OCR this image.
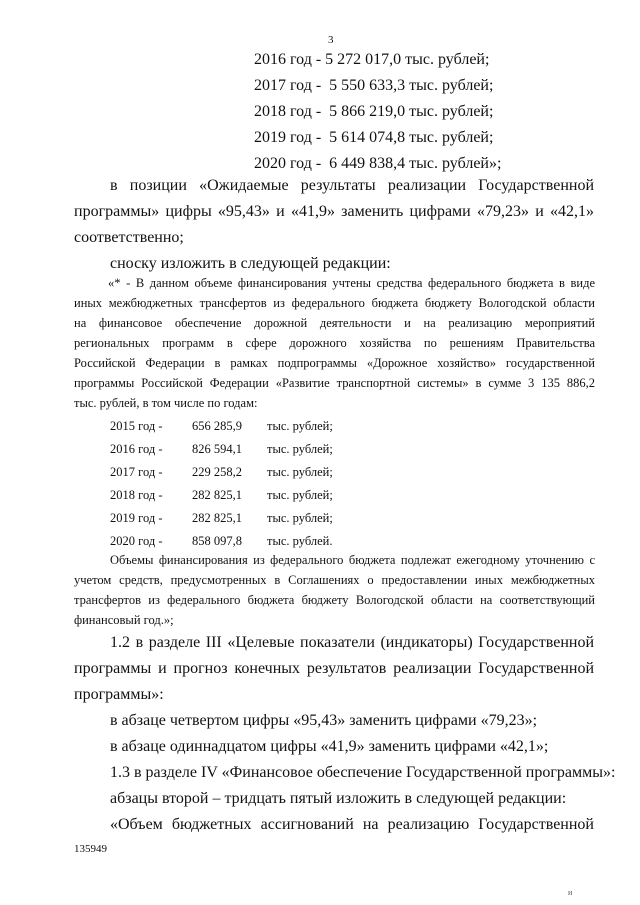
3
2016 год - 5 272 017,0 тыс. рублей;
2017 год - 5 550 633,3 тыс. рублей;
2018 год - 5 866 219,0 тыс. рублей;
2019 год - 5 614 074,8 тыс. рублей;
2020 год - 6 449 838,4 тыс. рублей»;
в позиции «Ожидаемые результаты реализации Государственной
программы» цифры «95,43» и «41,9» заменить цифрами «79,23» и «42,1»
соответственно;
сноску изложить в следующей редакции:
«* - В данном объеме финансирования учтены средства федерального бюджета в виде
иных межбюджетных трансфертов из федерального бюджета бюджету Вологодской области
на финансовое обеспечение дорожной деятельности и на реализацию мероприятий
региональных программ в сфере дорожного хозяйства по решениям Правительства
Российской Федерации в рамках подпрограммы «Дорожное хозяйство» государственной
программы Российской Федерации «Развитие транспортной системы» в сумме 3 135 886,2
тыс. рублей, в том числе по годам:
2015 год - 656 285,9 тыс. рублей;
2016 год - 826 594,1 тыс. рублей;
2017 год - 229 258,2 тыс. рублей;
2018 год - 282 825,1 тыс. рублей;
2019 год - 282 825,1 тыс. рублей;
2020 год - 858 097,8 тыс. рублей.
Объемы финансирования из федерального бюджета подлежат ежегодному уточнению с
учетом средств, предусмотренных в Соглашениях о предоставлении иных межбюджетных
трансфертов из федерального бюджета бюджету Вологодской области на соответствующий
финансовый год.»;
1.2 в разделе III «Целевые показатели (индикаторы) Государственной
программы и прогноз конечных результатов реализации Государственной
программы»:
в абзаце четвертом цифры «95,43» заменить цифрами «79,23»;
в абзаце одиннадцатом цифры «41,9» заменить цифрами «42,1»;
1.3 в разделе IV «Финансовое обеспечение Государственной программы»:
абзацы второй – тридцать пятый изложить в следующей редакции:
«Объем бюджетных ассигнований на реализацию Государственной
135949
и
